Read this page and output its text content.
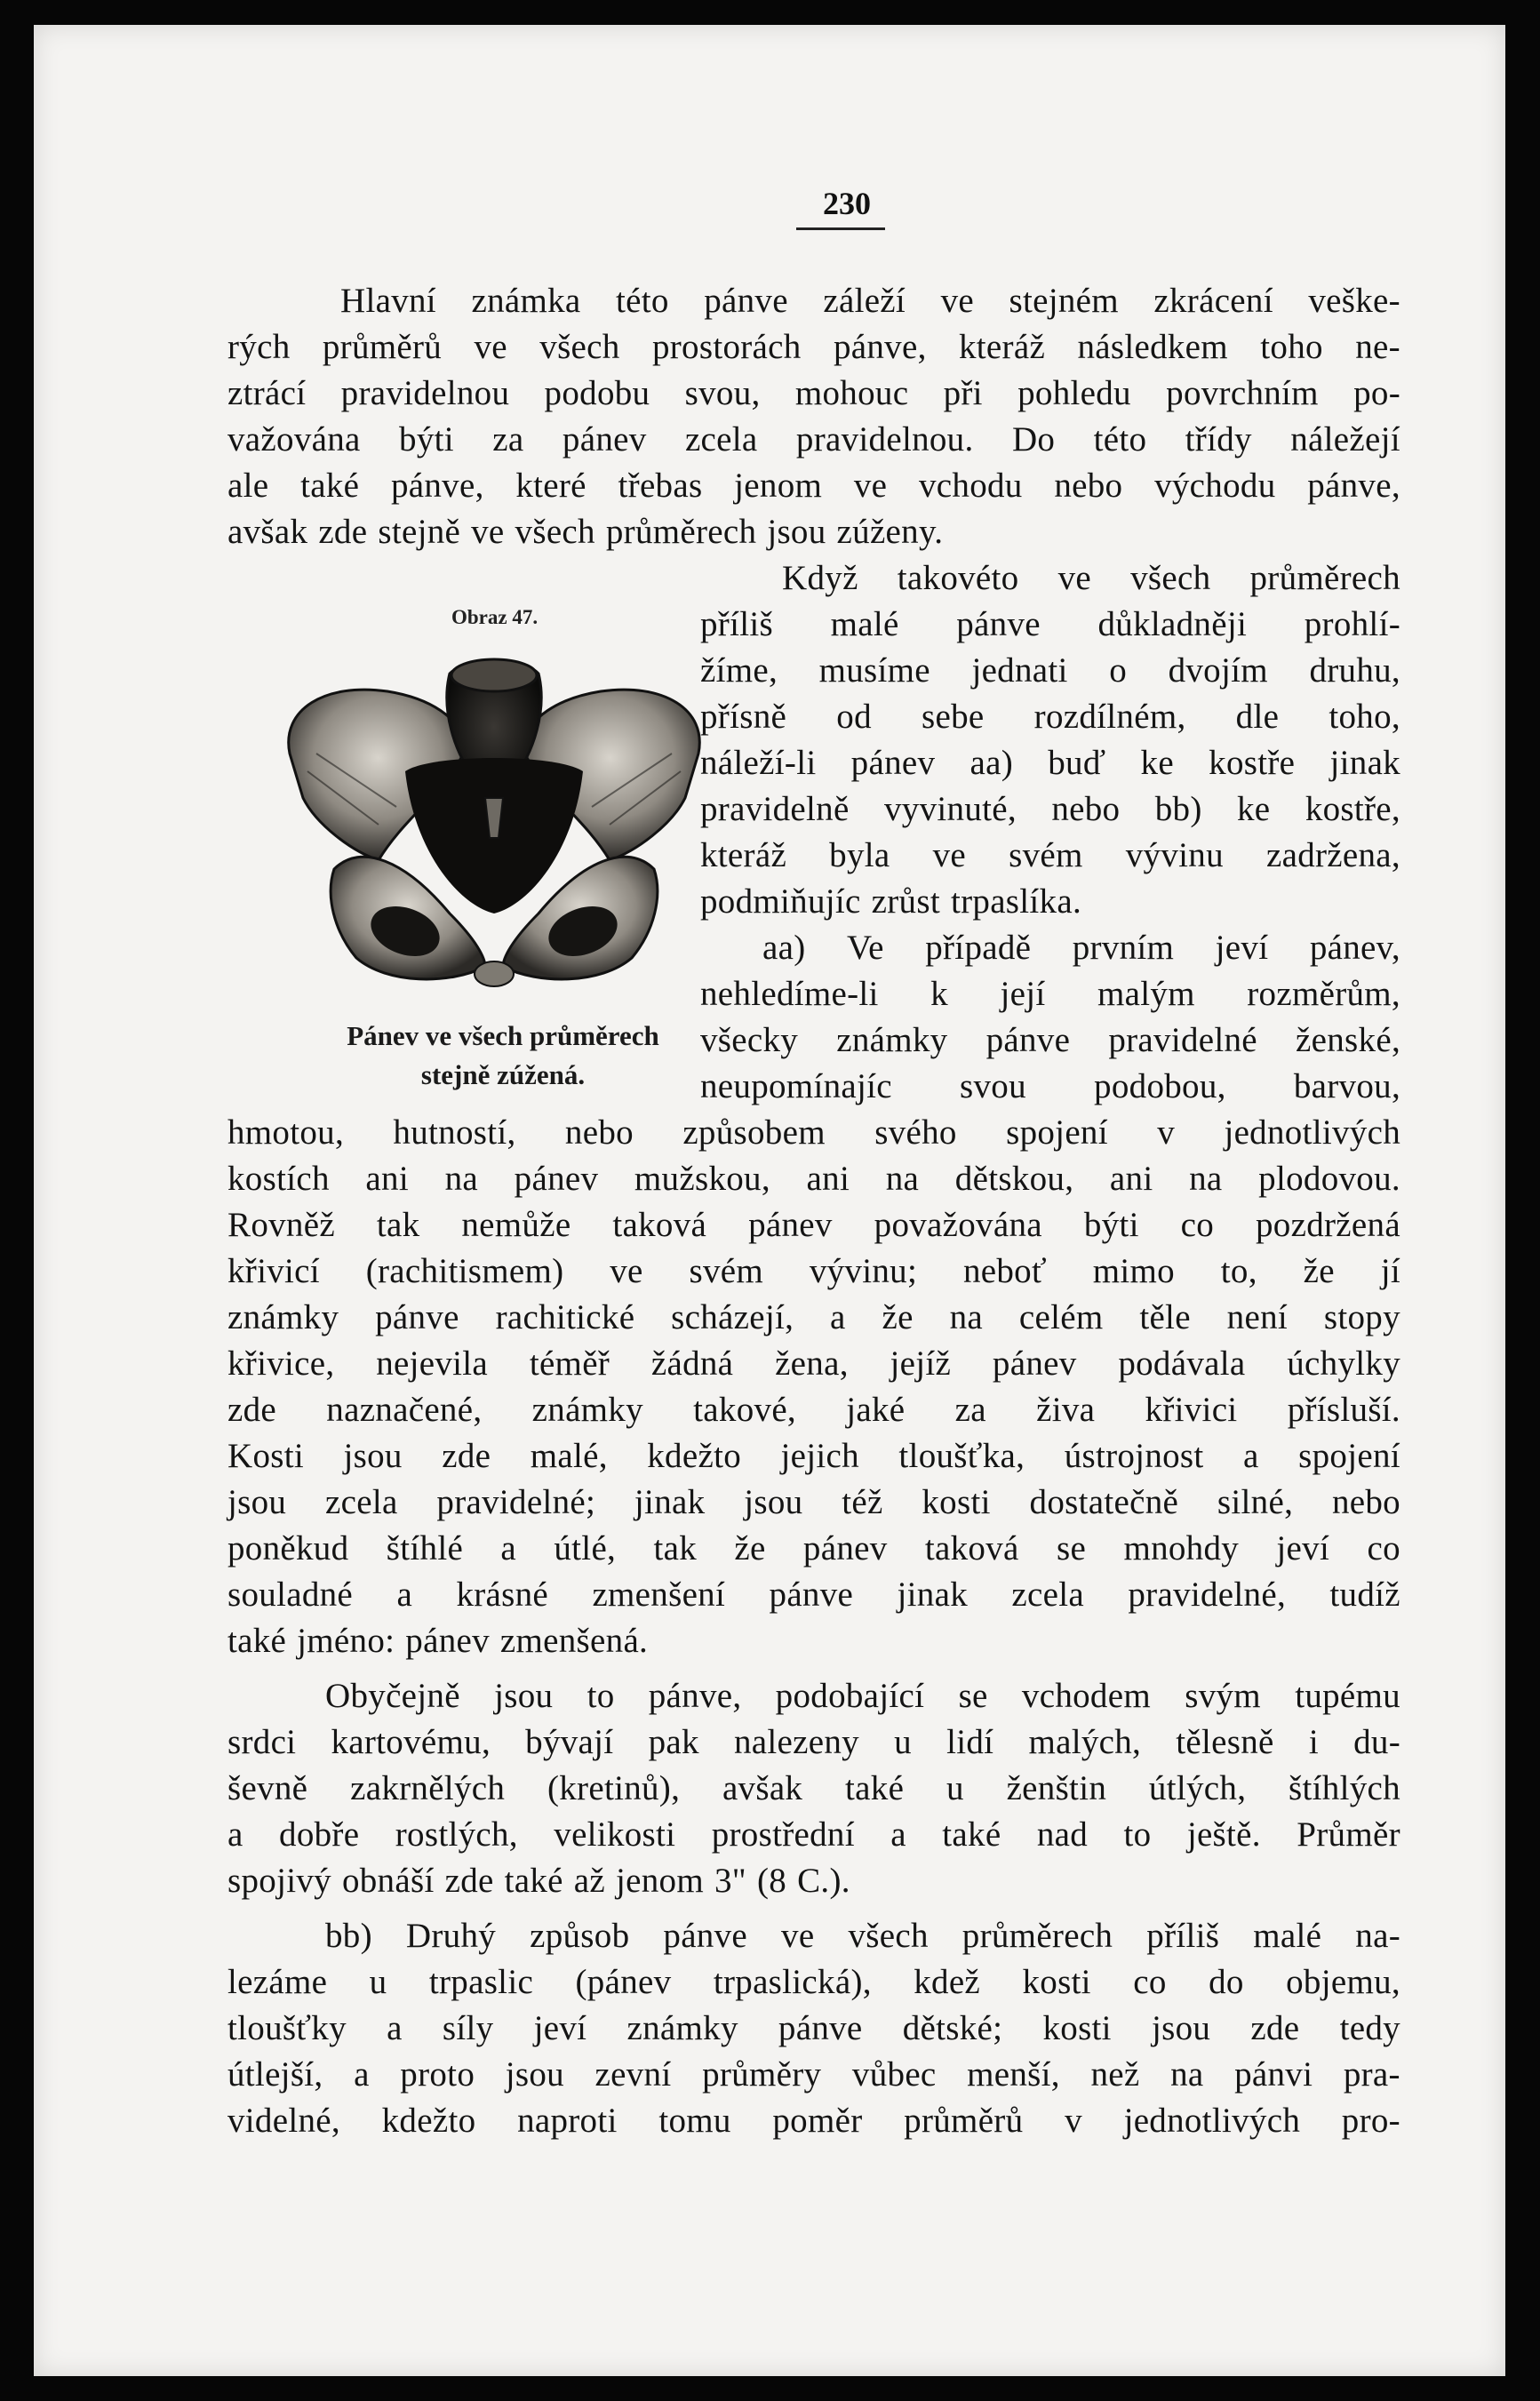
230
Obraz 47.
Pánev ve všech průměrech
stejně zúžená.
Hlavní známka této pánve záleží ve stejném zkrácení veške-
rých průměrů ve všech prostorách pánve, kteráž následkem toho ne-
ztrácí pravidelnou podobu svou, mohouc při pohledu povrchním po-
važována býti za pánev zcela pravidelnou. Do této třídy náležejí
ale také pánve, které třebas jenom ve vchodu nebo východu pánve,
avšak zde stejně ve všech průměrech jsou zúženy.
Když takovéto ve všech průměrech
příliš malé pánve důkladněji prohlí-
žíme, musíme jednati o dvojím druhu,
přísně od sebe rozdílném, dle toho,
náleží-li pánev aa) buď ke kostře jinak
pravidelně vyvinuté, nebo bb) ke kostře,
kteráž byla ve svém vývinu zadržena,
podmiňujíc zrůst trpaslíka.
aa) Ve případě prvním jeví pánev,
nehledíme-li k její malým rozměrům,
všecky známky pánve pravidelné ženské,
neupomínajíc svou podobou, barvou,
hmotou, hutností, nebo způsobem svého spojení v jednotlivých
kostích ani na pánev mužskou, ani na dětskou, ani na plodovou.
Rovněž tak nemůže taková pánev považována býti co pozdržená
křivicí (rachitismem) ve svém vývinu; neboť mimo to, že jí
známky pánve rachitické scházejí, a že na celém těle není stopy
křivice, nejevila téměř žádná žena, jejíž pánev podávala úchylky
zde naznačené, známky takové, jaké za živa křivici přísluší.
Kosti jsou zde malé, kdežto jejich tloušťka, ústrojnost a spojení
jsou zcela pravidelné; jinak jsou též kosti dostatečně silné, nebo
poněkud štíhlé a útlé, tak že pánev taková se mnohdy jeví co
souladné a krásné zmenšení pánve jinak zcela pravidelné, tudíž
také jméno: pánev zmenšená.
Obyčejně jsou to pánve, podobající se vchodem svým tupému
srdci kartovému, bývají pak nalezeny u lidí malých, tělesně i du-
ševně zakrnělých (kretinů), avšak také u ženštin útlých, štíhlých
a dobře rostlých, velikosti prostřední a také nad to ještě. Průměr
spojivý obnáší zde také až jenom 3" (8 C.).
bb) Druhý způsob pánve ve všech průměrech příliš malé na-
lezáme u trpaslic (pánev trpaslická), kdež kosti co do objemu,
tloušťky a síly jeví známky pánve dětské; kosti jsou zde tedy
útlejší, a proto jsou zevní průměry vůbec menší, než na pánvi pra-
videlné, kdežto naproti tomu poměr průměrů v jednotlivých pro-
